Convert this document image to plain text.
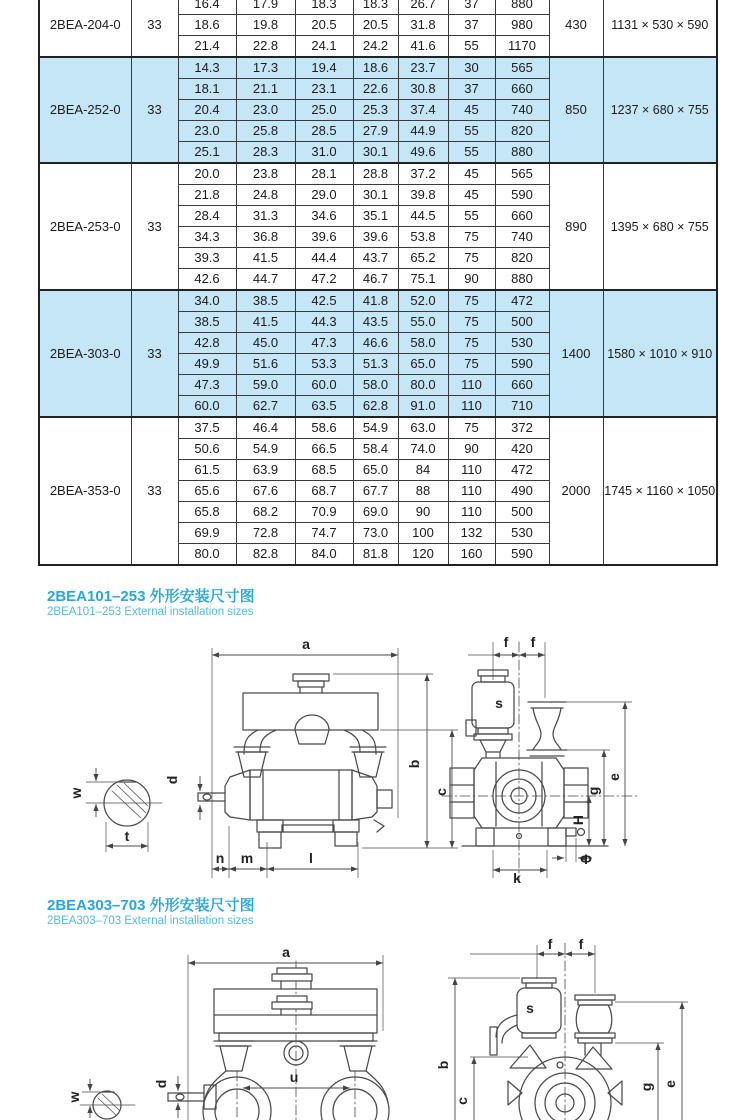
2BEA-204-0	33	16.4	17.9	18.3	18.3	26.7	37	880	430	1131 × 530 × 590
		18.6	19.8	20.5	20.5	31.8	37	980		
		21.4	22.8	24.1	24.2	41.6	55	1170		
2BEA-252-0	33	14.3	17.3	19.4	18.6	23.7	30	565	850	1237 × 680 × 755
		18.1	21.1	23.1	22.6	30.8	37	660		
		20.4	23.0	25.0	25.3	37.4	45	740		
		23.0	25.8	28.5	27.9	44.9	55	820		
		25.1	28.3	31.0	30.1	49.6	55	880		
2BEA-253-0	33	20.0	23.8	28.1	28.8	37.2	45	565	890	1395 × 680 × 755
		21.8	24.8	29.0	30.1	39.8	45	590		
		28.4	31.3	34.6	35.1	44.5	55	660		
		34.3	36.8	39.6	39.6	53.8	75	740		
		39.3	41.5	44.4	43.7	65.2	75	820		
		42.6	44.7	47.2	46.7	75.1	90	880		
2BEA-303-0	33	34.0	38.5	42.5	41.8	52.0	75	472	1400	1580 × 1010 × 910
		38.5	41.5	44.3	43.5	55.0	75	500		
		42.8	45.0	47.3	46.6	58.0	75	530		
		49.9	51.6	53.3	51.3	65.0	75	590		
		47.3	59.0	60.0	58.0	80.0	110	660		
		60.0	62.7	63.5	62.8	91.0	110	710		
2BEA-353-0	33	37.5	46.4	58.6	54.9	63.0	75	372	2000	1745 × 1160 × 1050
		50.6	54.9	66.5	58.4	74.0	90	420		
		61.5	63.9	68.5	65.0	84	110	472		
		65.6	67.6	68.7	67.7	88	110	490		
		65.8	68.2	70.9	69.0	90	110	500		
		69.9	72.8	74.7	73.0	100	132	530		
		80.0	82.8	84.0	81.8	120	160	590		
2BEA101–253 外形安装尺寸图
2BEA101–253 External installation sizes
w
t
a
d
n m	l
b
c
f f
s
H
g
e
Φ
k
2BEA303–703 外形安装尺寸图
2BEA303–703 External installation sizes
w
a
d	u
b
f f
s
c
g e
